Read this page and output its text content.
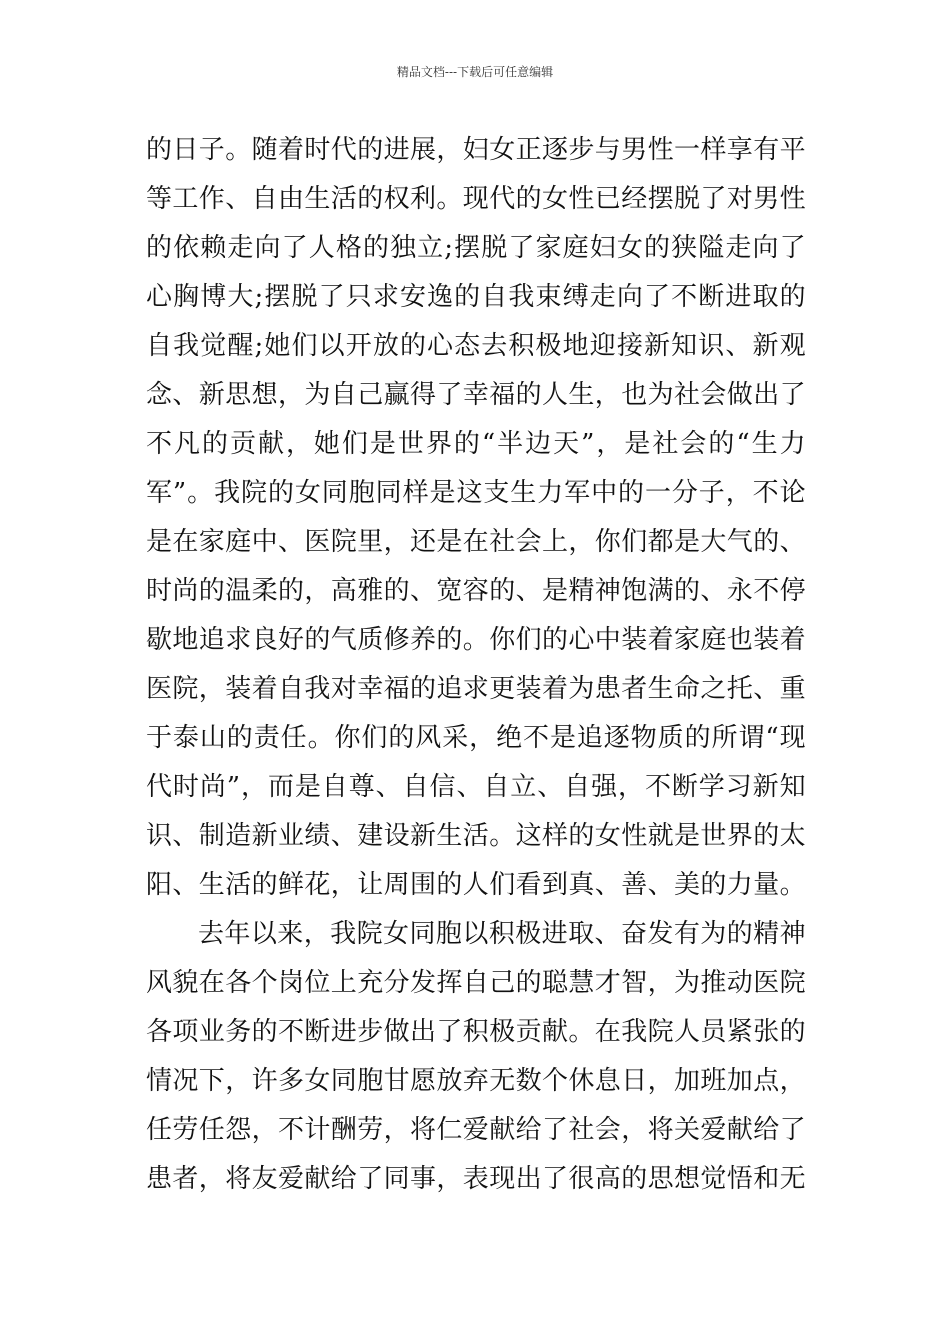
精品文档---下载后可任意编辑

的日子。随着时代的进展，妇女正逐步与男性一样享有平等工作、自由生活的权利。现代的女性已经摆脱了对男性的依赖走向了人格的独立;摆脱了家庭妇女的狭隘走向了心胸博大;摆脱了只求安逸的自我束缚走向了不断进取的自我觉醒;她们以开放的心态去积极地迎接新知识、新观念、新思想，为自己赢得了幸福的人生，也为社会做出了不凡的贡献，她们是世界的“半边天”，是社会的“生力军”。我院的女同胞同样是这支生力军中的一分子，不论是在家庭中、医院里，还是在社会上，你们都是大气的、时尚的温柔的，高雅的、宽容的、是精神饱满的、永不停歇地追求良好的气质修养的。你们的心中装着家庭也装着医院，装着自我对幸福的追求更装着为患者生命之托、重于泰山的责任。你们的风采，绝不是追逐物质的所谓“现代时尚”，而是自尊、自信、自立、自强，不断学习新知识、制造新业绩、建设新生活。这样的女性就是世界的太阳、生活的鲜花，让周围的人们看到真、善、美的力量。

去年以来，我院女同胞以积极进取、奋发有为的精神风貌在各个岗位上充分发挥自己的聪慧才智，为推动医院各项业务的不断进步做出了积极贡献。在我院人员紧张的情况下，许多女同胞甘愿放弃无数个休息日，加班加点，任劳任怨，不计酬劳，将仁爱献给了社会，将关爱献给了患者，将友爱献给了同事，表现出了很高的思想觉悟和无
